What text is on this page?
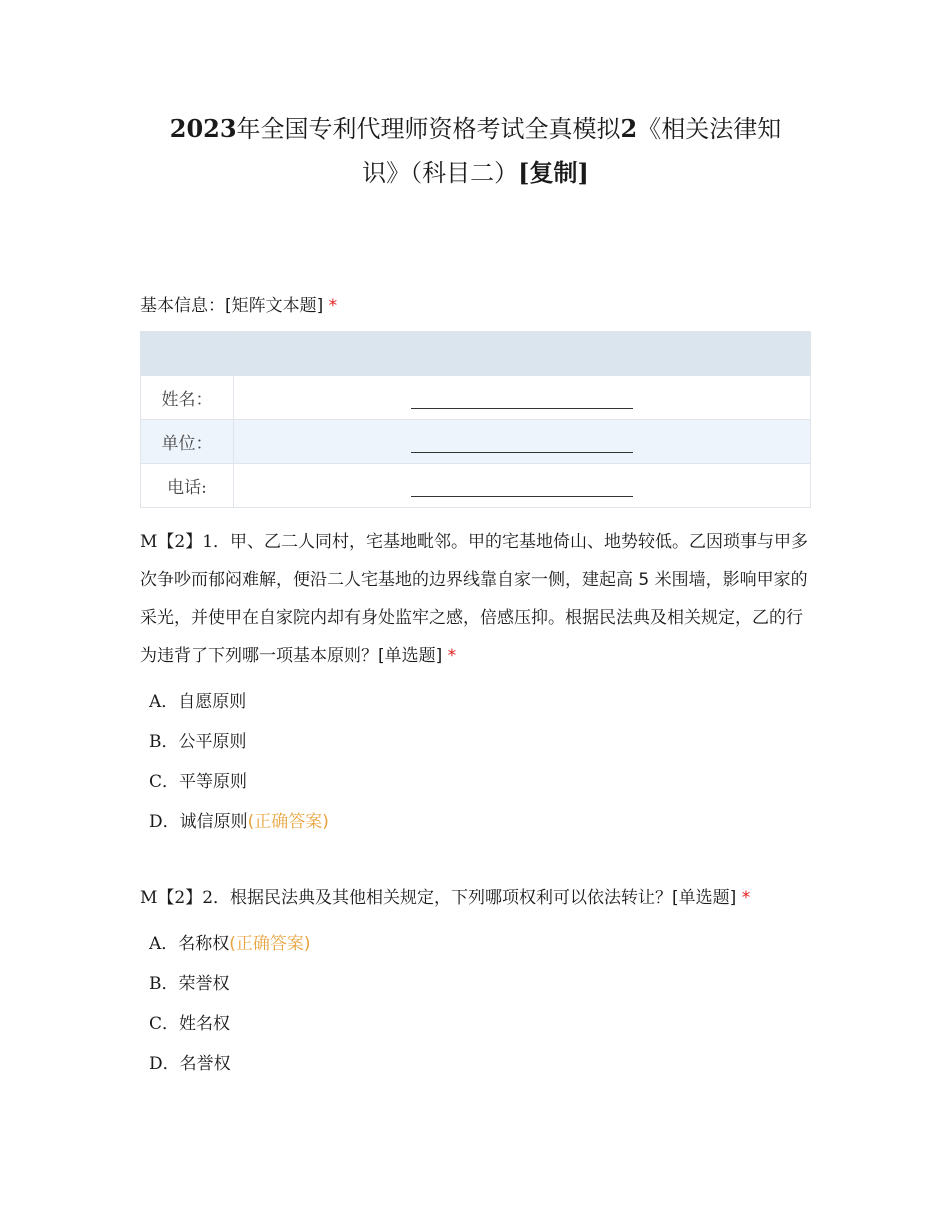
2023年全国专利代理师资格考试全真模拟2《相关法律知
识》（科目二）[复制]
基本信息：[矩阵文本题] *

姓名：	
单位：	
电话:	
M【2】1．甲、乙二人同村，宅基地毗邻。甲的宅基地倚山、地势较低。乙因琐事与甲多次争吵而郁闷难解，便沿二人宅基地的边界线靠自家一侧，建起高 5 米围墙，影响甲家的采光，并使甲在自家院内却有身处监牢之感，倍感压抑。根据民法典及相关规定，乙的行为违背了下列哪一项基本原则？[单选题] *
A．自愿原则
B．公平原则
C．平等原则
D．诚信原则(正确答案)
M【2】2．根据民法典及其他相关规定，下列哪项权利可以依法转让？[单选题] *
A．名称权(正确答案)
B．荣誉权
C．姓名权
D．名誉权
